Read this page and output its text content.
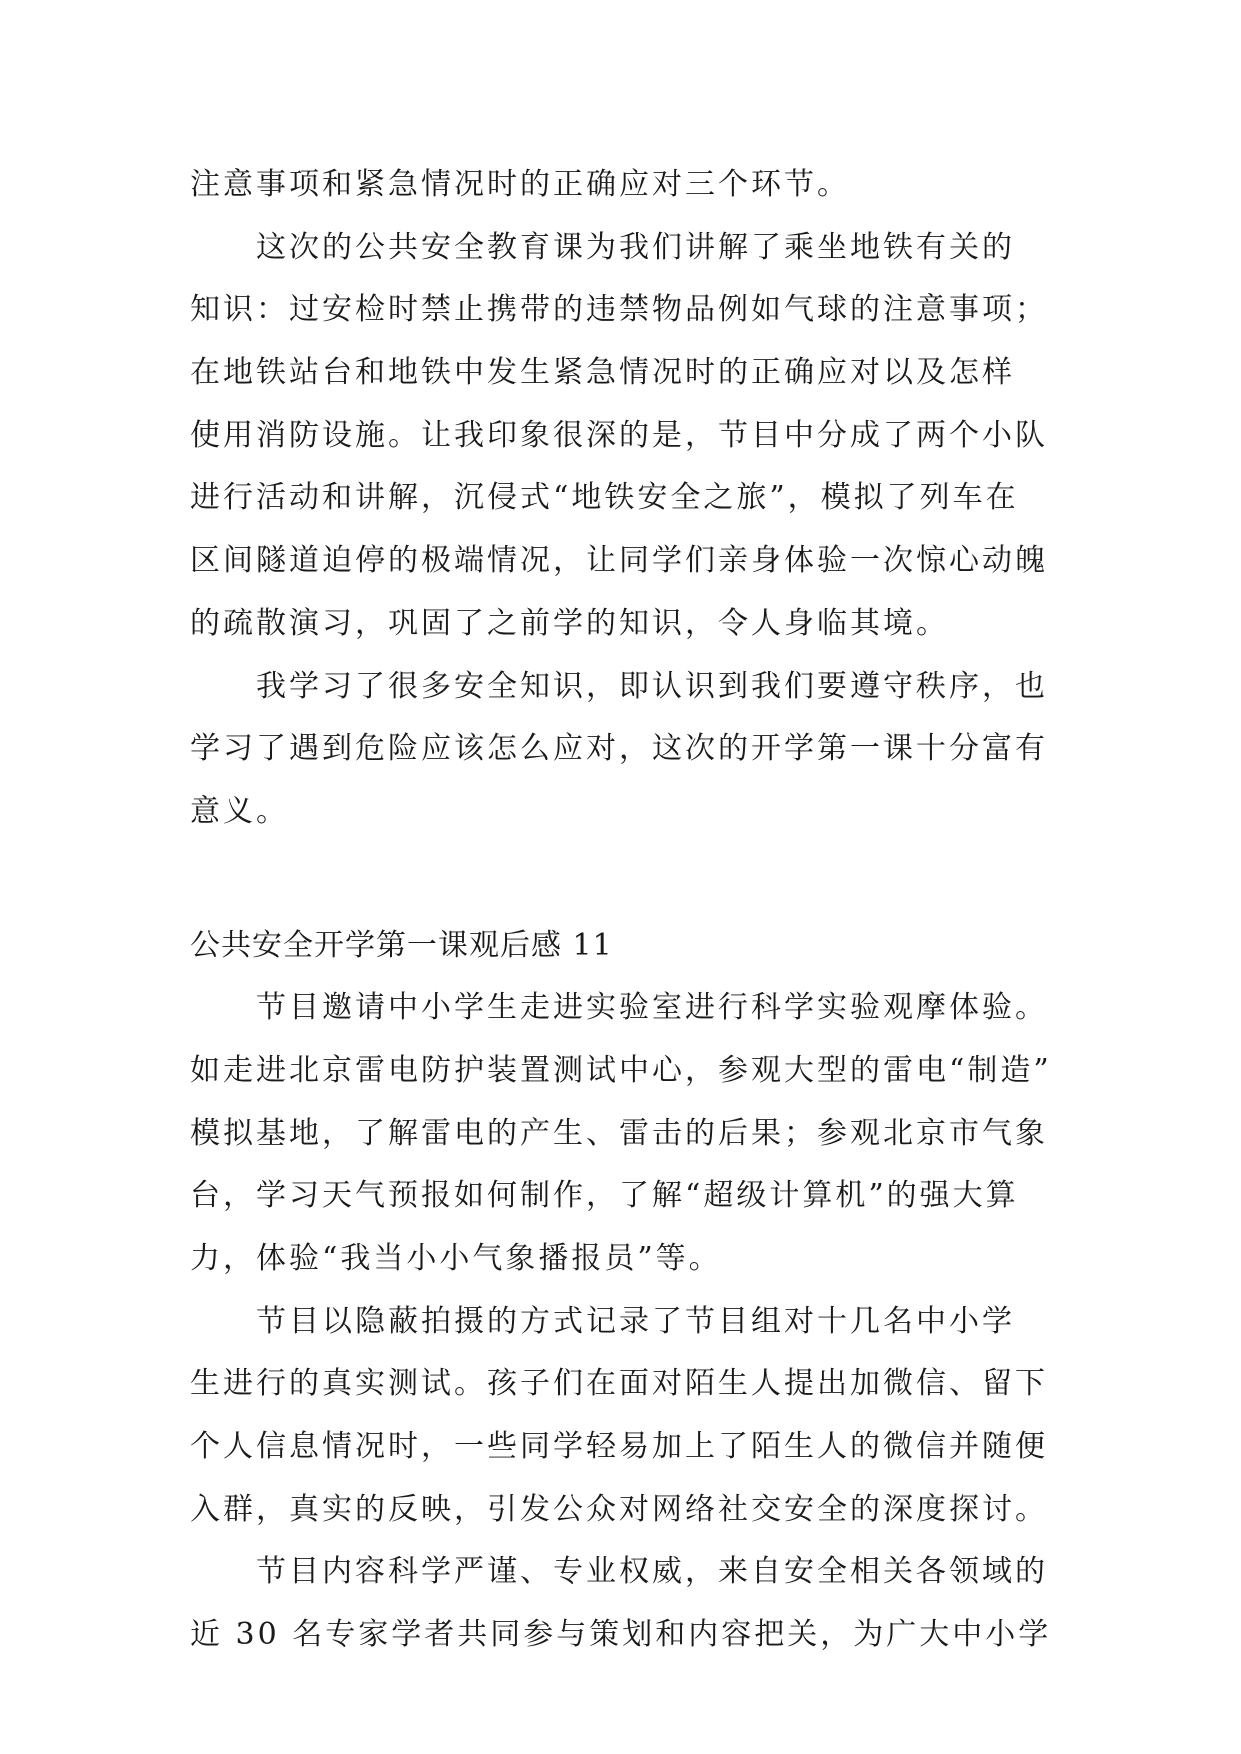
注意事项和紧急情况时的正确应对三个环节。
这次的公共安全教育课为我们讲解了乘坐地铁有关的
知识：过安检时禁止携带的违禁物品例如气球的注意事项；
在地铁站台和地铁中发生紧急情况时的正确应对以及怎样
使用消防设施。让我印象很深的是，节目中分成了两个小队
进行活动和讲解，沉侵式“地铁安全之旅”，模拟了列车在
区间隧道迫停的极端情况，让同学们亲身体验一次惊心动魄
的疏散演习，巩固了之前学的知识，令人身临其境。
我学习了很多安全知识，即认识到我们要遵守秩序，也
学习了遇到危险应该怎么应对，这次的开学第一课十分富有
意义。
公共安全开学第一课观后感 11
节目邀请中小学生走进实验室进行科学实验观摩体验。
如走进北京雷电防护装置测试中心，参观大型的雷电“制造”
模拟基地，了解雷电的产生、雷击的后果；参观北京市气象
台，学习天气预报如何制作，了解“超级计算机”的强大算
力，体验“我当小小气象播报员”等。
节目以隐蔽拍摄的方式记录了节目组对十几名中小学
生进行的真实测试。孩子们在面对陌生人提出加微信、留下
个人信息情况时，一些同学轻易加上了陌生人的微信并随便
入群，真实的反映，引发公众对网络社交安全的深度探讨。
节目内容科学严谨、专业权威，来自安全相关各领域的
近 30 名专家学者共同参与策划和内容把关，为广大中小学
